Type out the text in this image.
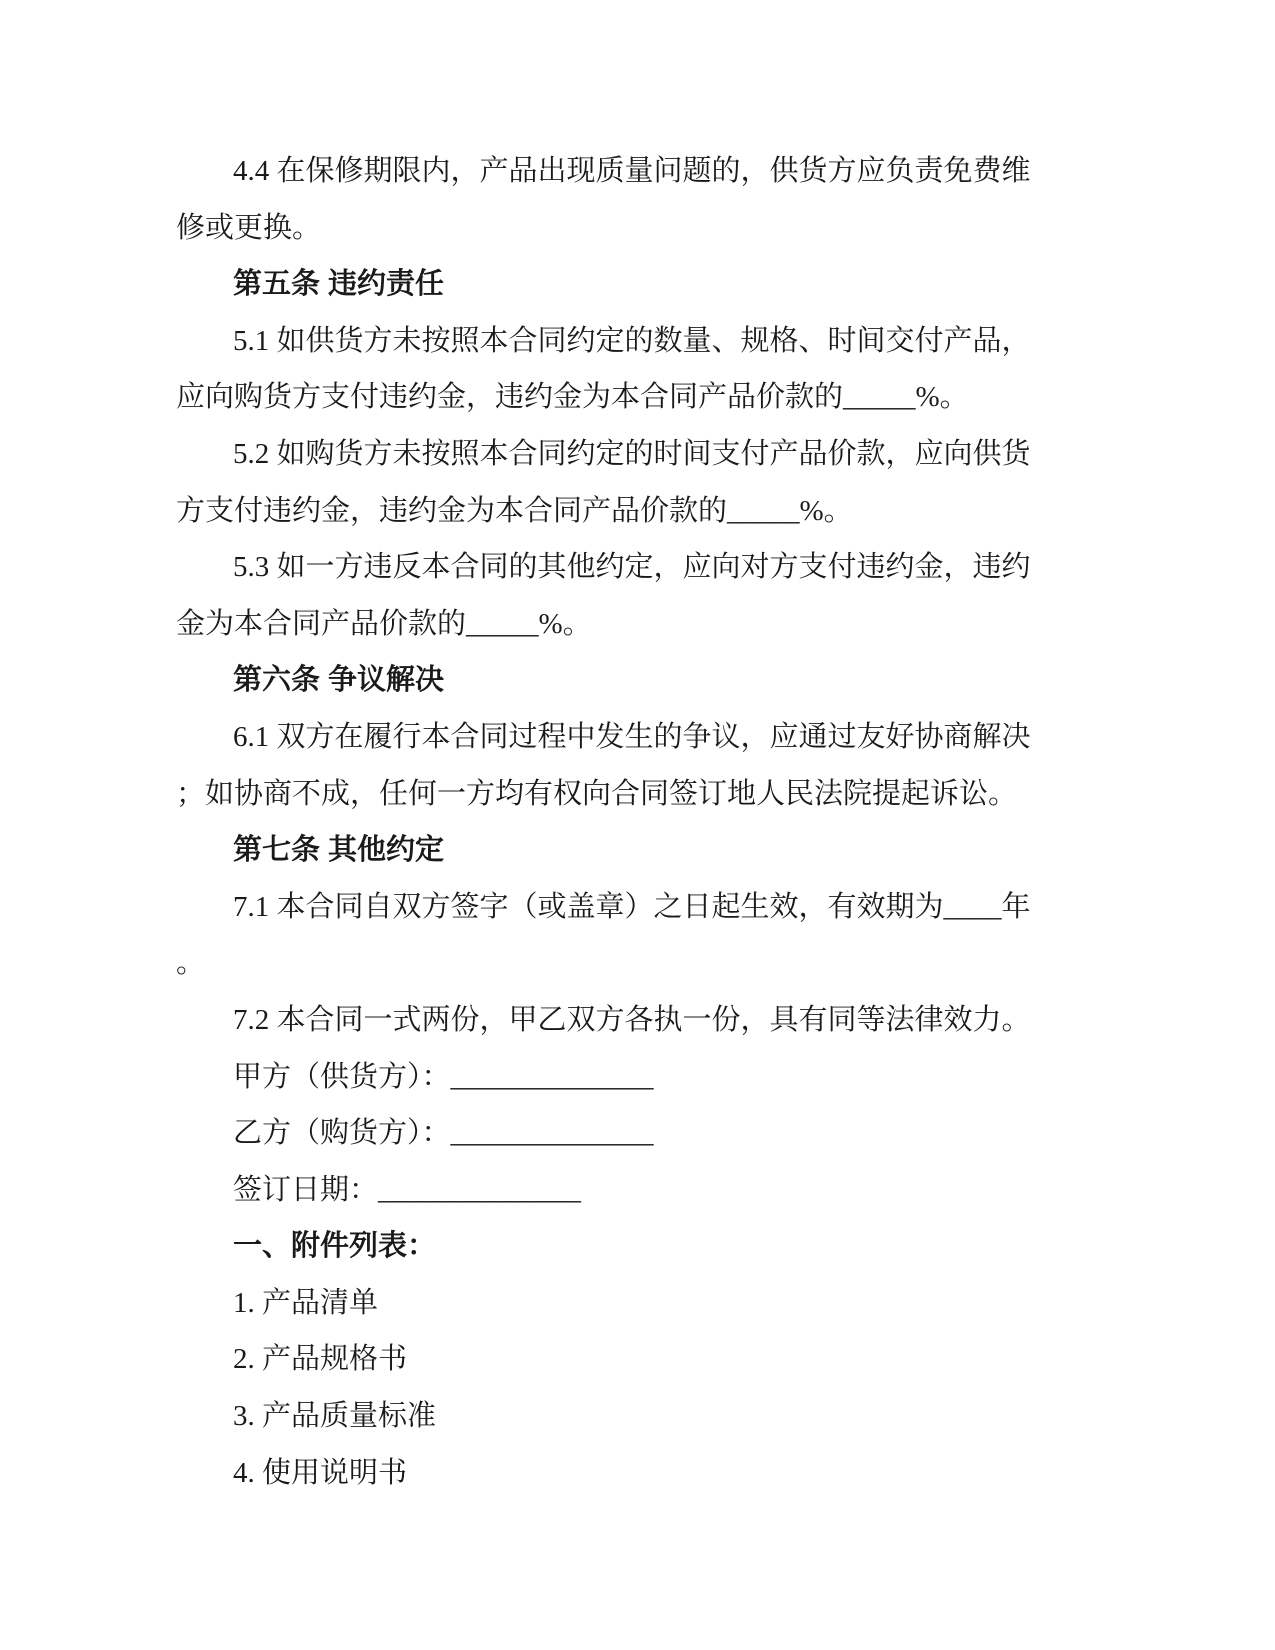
4.4 在保修期限内，产品出现质量问题的，供货方应负责免费维
修或更换。
第五条 违约责任
5.1 如供货方未按照本合同约定的数量、规格、时间交付产品，
应向购货方支付违约金，违约金为本合同产品价款的_____%。
5.2 如购货方未按照本合同约定的时间支付产品价款，应向供货
方支付违约金，违约金为本合同产品价款的_____%。
5.3 如一方违反本合同的其他约定，应向对方支付违约金，违约
金为本合同产品价款的_____%。
第六条 争议解决
6.1 双方在履行本合同过程中发生的争议，应通过友好协商解决
；如协商不成，任何一方均有权向合同签订地人民法院提起诉讼。
第七条 其他约定
7.1 本合同自双方签字（或盖章）之日起生效，有效期为____年
。
7.2 本合同一式两份，甲乙双方各执一份，具有同等法律效力。
甲方（供货方）：______________
乙方（购货方）：______________
签订日期：______________
一、附件列表：
1. 产品清单
2. 产品规格书
3. 产品质量标准
4. 使用说明书
